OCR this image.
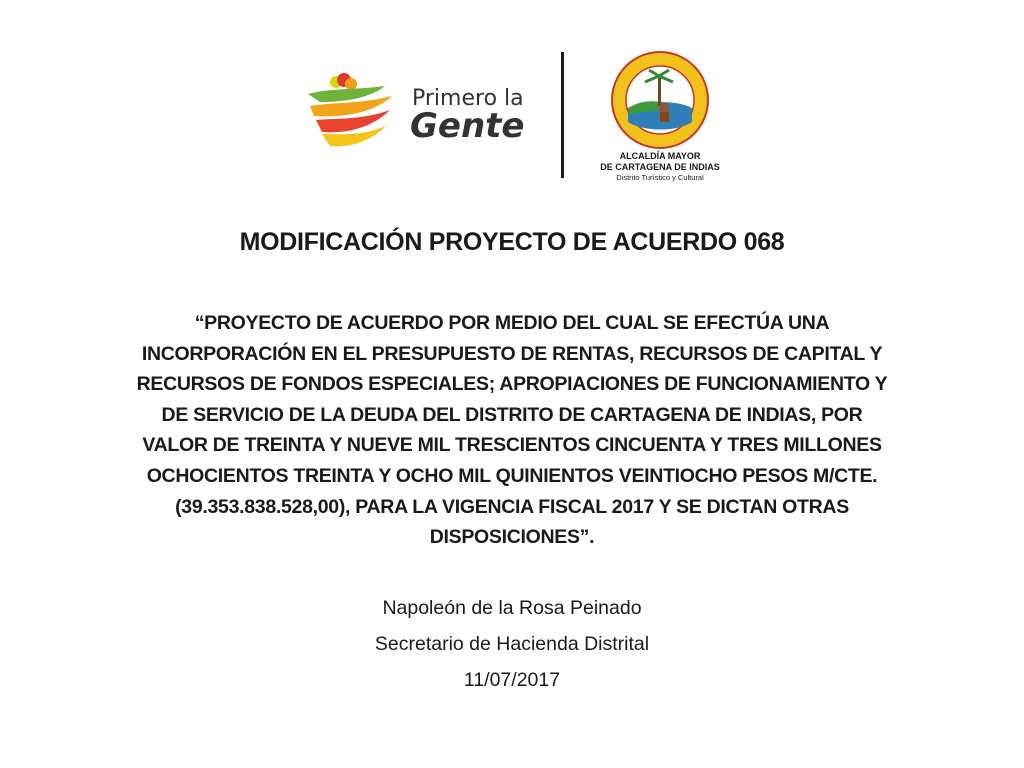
Primero la
Gente
ALCALDÍA MAYOR
DE CARTAGENA DE INDIAS
Distrito Turístico y Cultural
MODIFICACIÓN PROYECTO DE ACUERDO 068
“PROYECTO DE ACUERDO POR MEDIO DEL CUAL SE EFECTÚA UNA
INCORPORACIÓN EN EL PRESUPUESTO DE RENTAS, RECURSOS DE CAPITAL Y
RECURSOS DE FONDOS ESPECIALES; APROPIACIONES DE FUNCIONAMIENTO Y
DE SERVICIO DE LA DEUDA DEL DISTRITO DE CARTAGENA DE INDIAS, POR
VALOR DE TREINTA Y NUEVE MIL TRESCIENTOS CINCUENTA Y TRES MILLONES
OCHOCIENTOS TREINTA Y OCHO MIL QUINIENTOS VEINTIOCHO PESOS M/CTE.
(39.353.838.528,00), PARA LA VIGENCIA FISCAL 2017 Y SE DICTAN OTRAS
DISPOSICIONES”.
Napoleón de la Rosa Peinado
Secretario de Hacienda Distrital
11/07/2017
